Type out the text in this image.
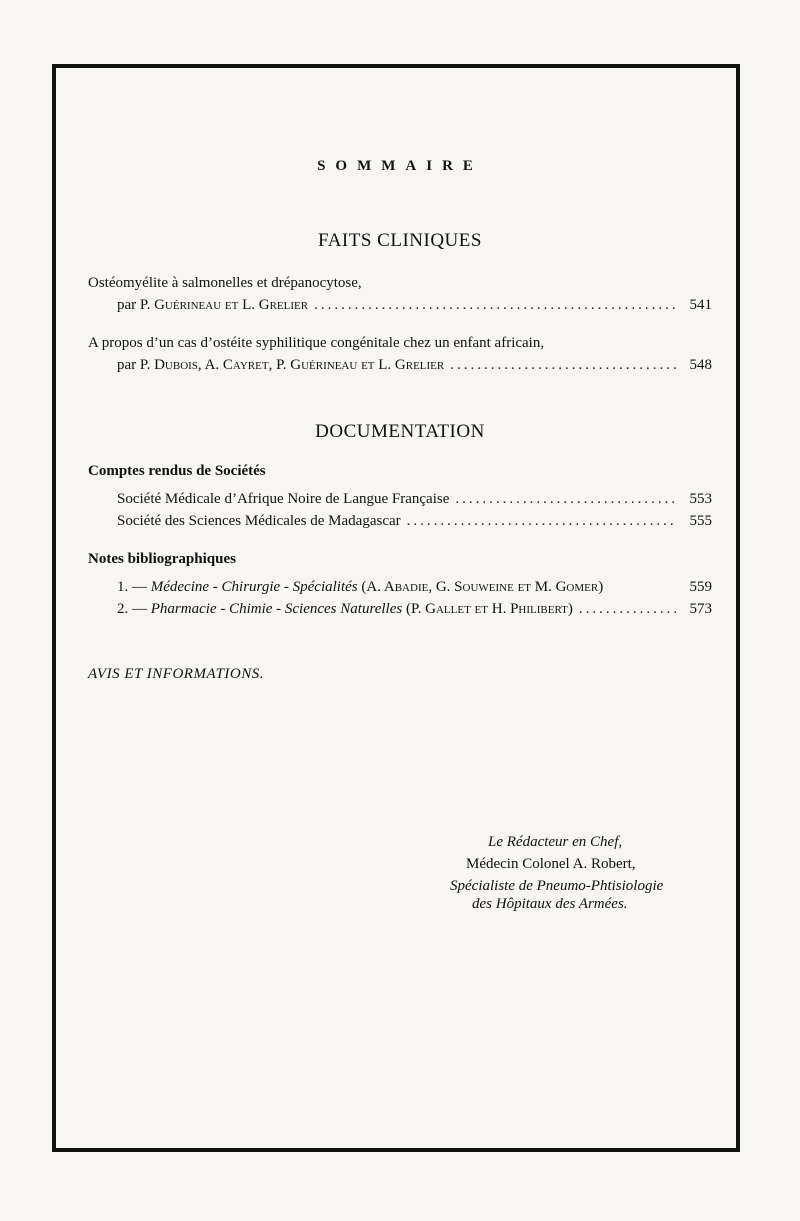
SOMMAIRE
FAITS CLINIQUES
Ostéomyélite à salmonelles et drépanocytose,
par P. Guérineau et L. Grelier .....	541
A propos d’un cas d’ostéite syphilitique congénitale chez un enfant africain,
par P. Dubois, A. Cayret, P. Guérineau et L. Grelier .....	548
DOCUMENTATION
Comptes rendus de Sociétés
Société Médicale d’Afrique Noire de Langue Française .....	553
Société des Sciences Médicales de Madagascar .....	555
Notes bibliographiques
1. — Médecine - Chirurgie - Spécialités (A. Abadie, G. Souweine et M. Gomer)	559
2. — Pharmacie - Chimie - Sciences Naturelles (P. Gallet et H. Philibert) .....	573
AVIS ET INFORMATIONS.
Le Rédacteur en Chef,
Médecin Colonel A. Robert,
Spécialiste de Pneumo-Phtisiologie
des Hôpitaux des Armées.
